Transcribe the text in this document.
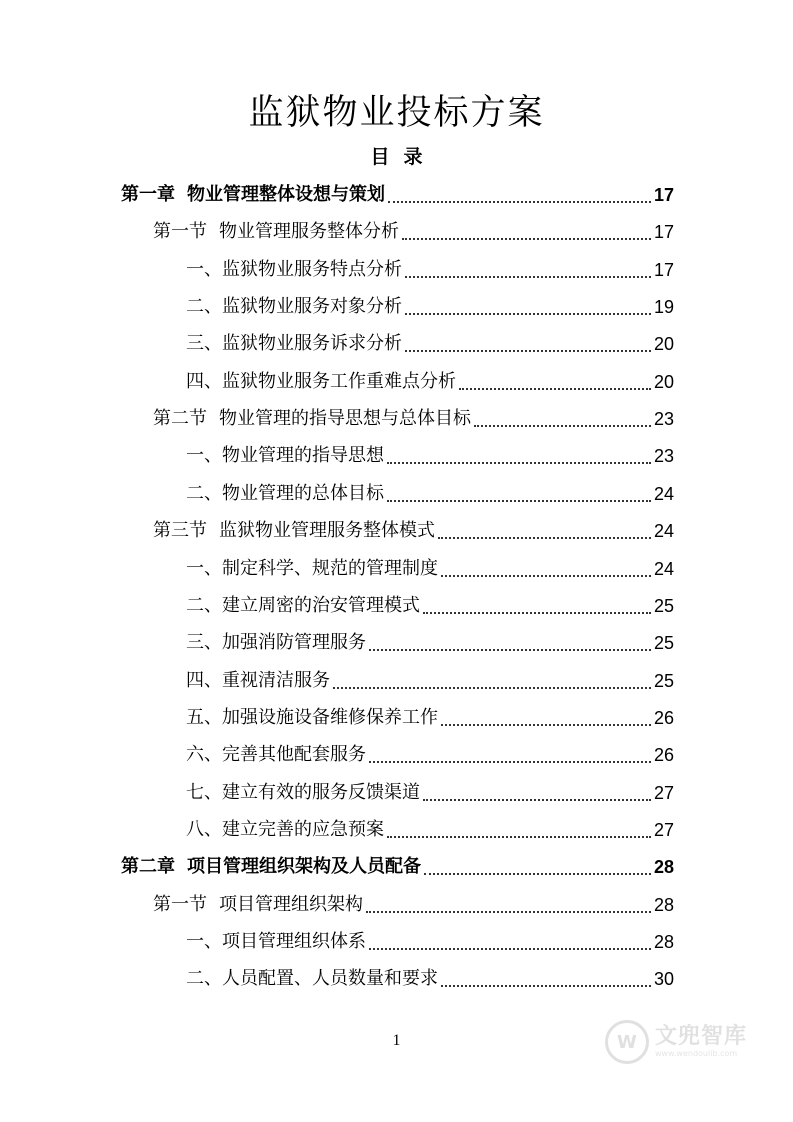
监狱物业投标方案
目 录
第一章 物业管理整体设想与策划	17
第一节 物业管理服务整体分析	17
一、 监狱物业服务特点分析	17
二、 监狱物业服务对象分析	19
三、 监狱物业服务诉求分析	20
四、 监狱物业服务工作重难点分析	20
第二节 物业管理的指导思想与总体目标	23
一、 物业管理的指导思想	23
二、 物业管理的总体目标	24
第三节 监狱物业管理服务整体模式	24
一、 制定科学、规范的管理制度	24
二、 建立周密的治安管理模式	25
三、 加强消防管理服务	25
四、 重视清洁服务	25
五、 加强设施设备维修保养工作	26
六、 完善其他配套服务	26
七、 建立有效的服务反馈渠道	27
八、 建立完善的应急预案	27
第二章 项目管理组织架构及人员配备	28
第一节 项目管理组织架构	28
一、 项目管理组织体系	28
二、 人员配置、人员数量和要求	30
1	W 文兜智库
www.wendoulib.com
